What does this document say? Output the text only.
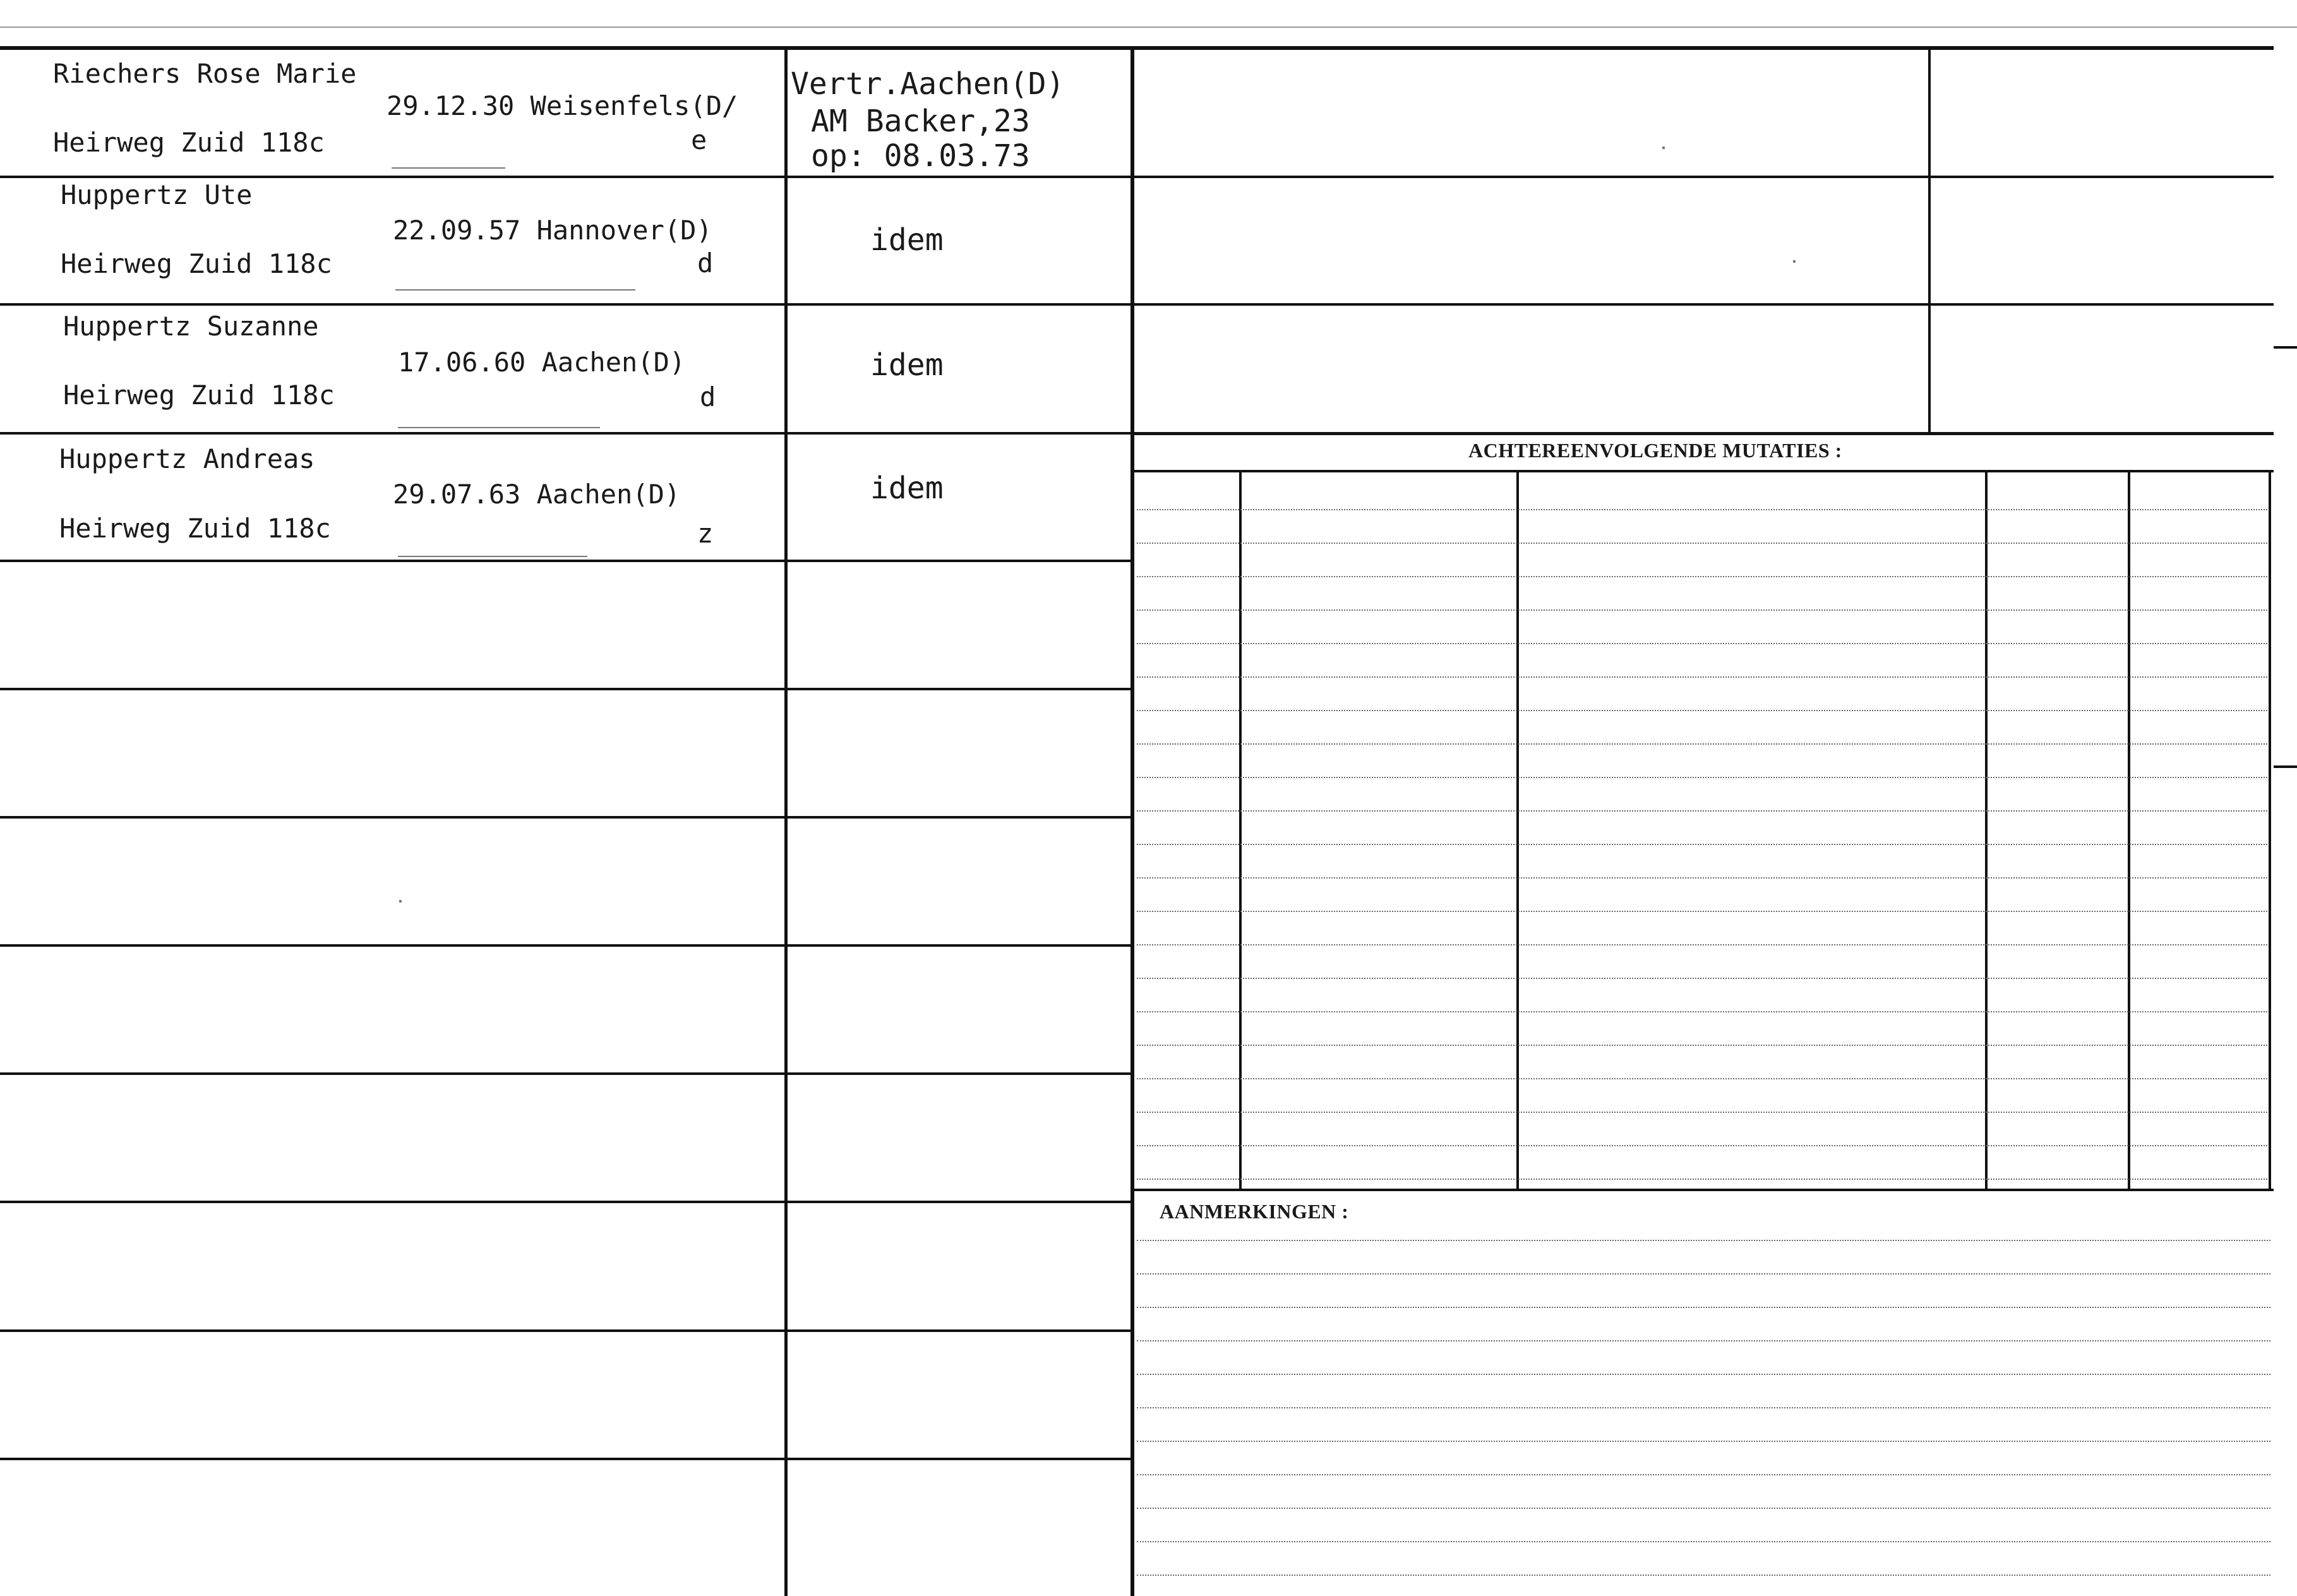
ACHTEREENVOLGENDE MUTATIES :
AANMERKINGEN :
Riechers Rose Marie
29.12.30 Weisenfels(D/
Heirweg Zuid 118c	e
Vertr.Aachen(D)
AM Backer,23
op: 08.03.73
Huppertz Ute
22.09.57 Hannover(D)
Heirweg Zuid 118c	d
idem
Huppertz Suzanne
17.06.60 Aachen(D)
Heirweg Zuid 118c	d
idem
Huppertz Andreas
29.07.63 Aachen(D)
Heirweg Zuid 118c	z
idem
